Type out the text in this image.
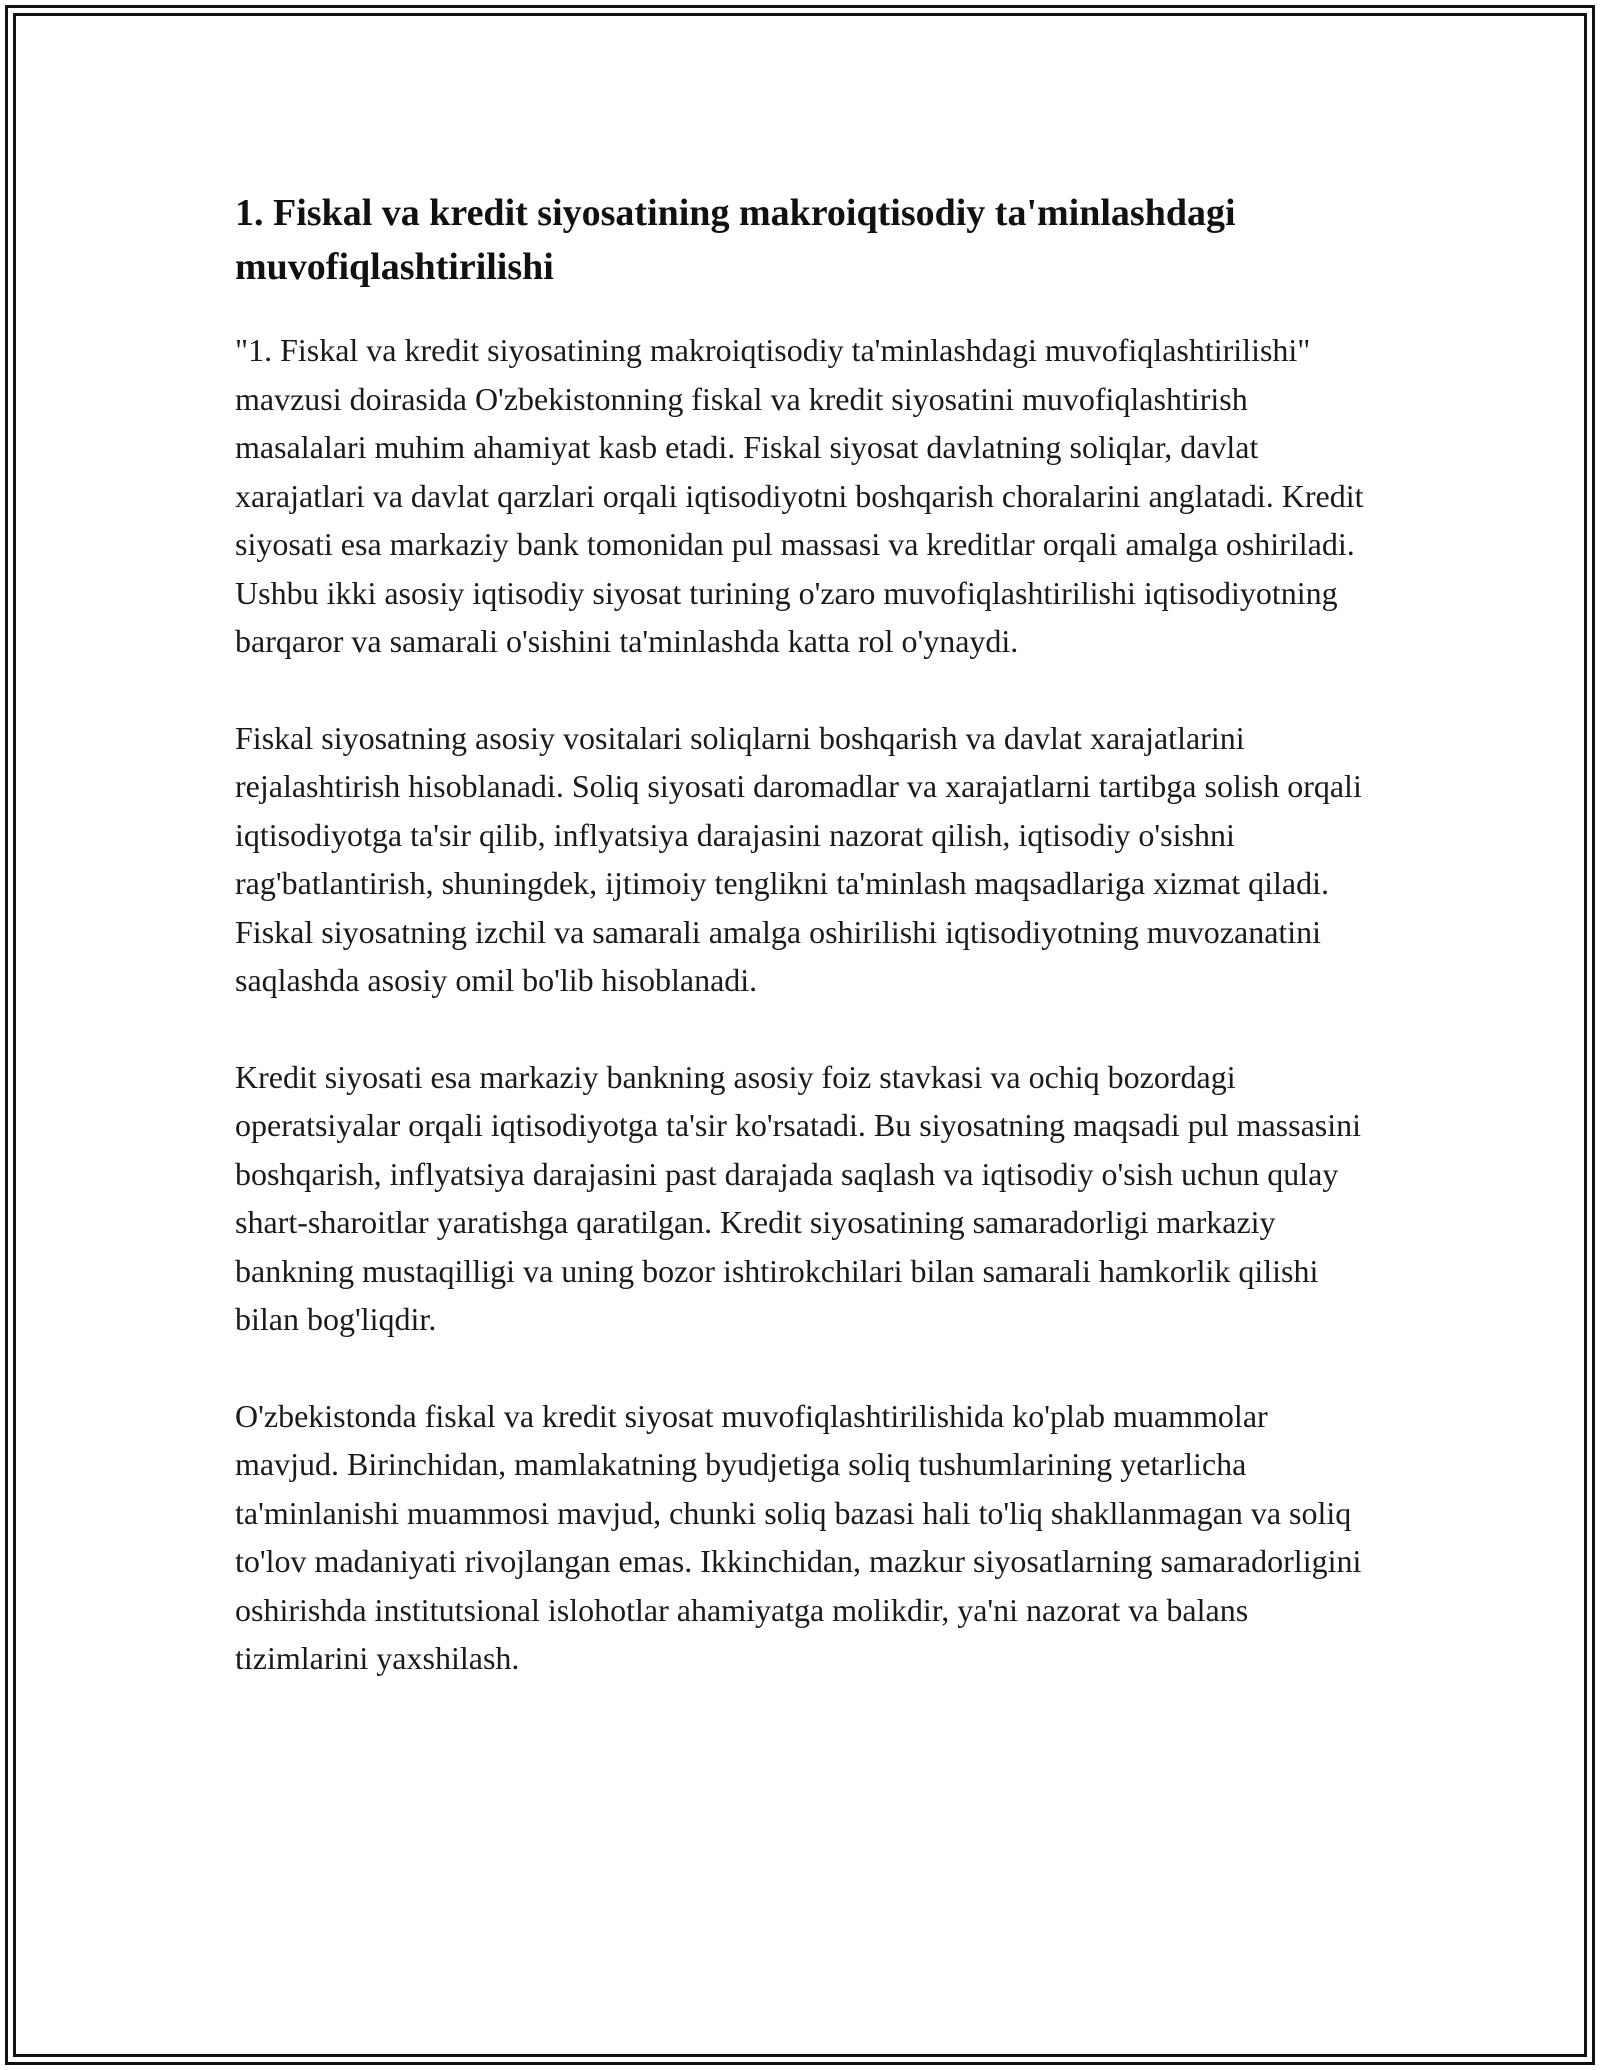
1. Fiskal va kredit siyosatining makroiqtisodiy ta'minlashdagi muvofiqlashtirilishi

"1. Fiskal va kredit siyosatining makroiqtisodiy ta'minlashdagi muvofiqlashtirilishi" mavzusi doirasida O'zbekistonning fiskal va kredit siyosatini muvofiqlashtirish masalalari muhim ahamiyat kasb etadi. Fiskal siyosat davlatning soliqlar, davlat xarajatlari va davlat qarzlari orqali iqtisodiyotni boshqarish choralarini anglatadi. Kredit siyosati esa markaziy bank tomonidan pul massasi va kreditlar orqali amalga oshiriladi. Ushbu ikki asosiy iqtisodiy siyosat turining o'zaro muvofiqlashtirilishi iqtisodiyotning barqaror va samarali o'sishini ta'minlashda katta rol o'ynaydi.

Fiskal siyosatning asosiy vositalari soliqlarni boshqarish va davlat xarajatlarini rejalashtirish hisoblanadi. Soliq siyosati daromadlar va xarajatlarni tartibga solish orqali iqtisodiyotga ta'sir qilib, inflyatsiya darajasini nazorat qilish, iqtisodiy o'sishni rag'batlantirish, shuningdek, ijtimoiy tenglikni ta'minlash maqsadlariga xizmat qiladi. Fiskal siyosatning izchil va samarali amalga oshirilishi iqtisodiyotning muvozanatini saqlashda asosiy omil bo'lib hisoblanadi.

Kredit siyosati esa markaziy bankning asosiy foiz stavkasi va ochiq bozordagi operatsiyalar orqali iqtisodiyotga ta'sir ko'rsatadi. Bu siyosatning maqsadi pul massasini boshqarish, inflyatsiya darajasini past darajada saqlash va iqtisodiy o'sish uchun qulay shart-sharoitlar yaratishga qaratilgan. Kredit siyosatining samaradorligi markaziy bankning mustaqilligi va uning bozor ishtirokchilari bilan samarali hamkorlik qilishi bilan bog'liqdir.

O'zbekistonda fiskal va kredit siyosat muvofiqlashtirilishida ko'plab muammolar mavjud. Birinchidan, mamlakatning byudjetiga soliq tushumlarining yetarlicha ta'minlanishi muammosi mavjud, chunki soliq bazasi hali to'liq shakllanmagan va soliq to'lov madaniyati rivojlangan emas. Ikkinchidan, mazkur siyosatlarning samaradorligini oshirishda institutsional islohotlar ahamiyatga molikdir, ya'ni nazorat va balans tizimlarini yaxshilash.
